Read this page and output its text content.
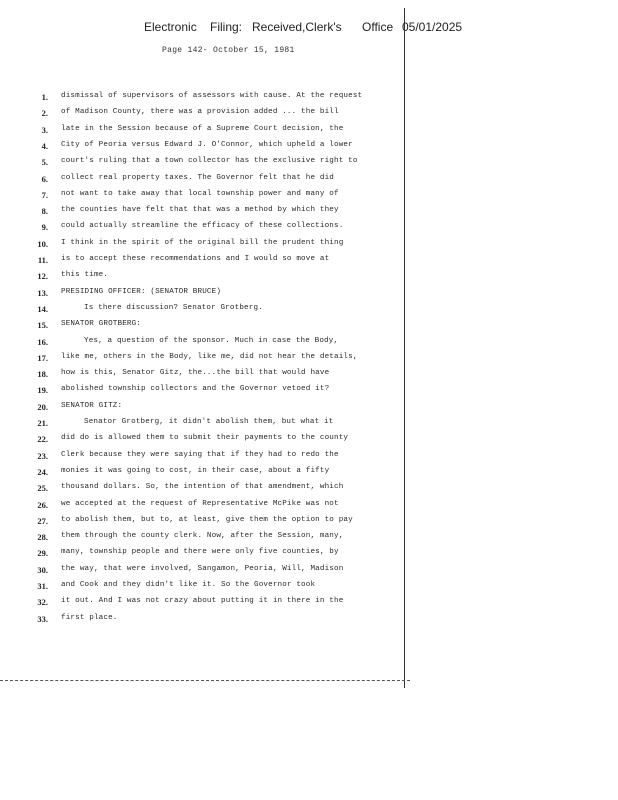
Electronic Filing: Received,Clerk's Office 05/01/2025
Page 142- October 15, 1981
1. dismissal of supervisors of assessors with cause. At the request
2. of Madison County, there was a provision added ... the bill
3. late in the Session because of a Supreme Court decision, the
4. City of Peoria versus Edward J. O'Connor, which upheld a lower
5. court's ruling that a town collector has the exclusive right to
6. collect real property taxes. The Governor felt that he did
7. not want to take away that local township power and many of
8. the counties have felt that that was a method by which they
9. could actually streamline the efficacy of these collections.
10. I think in the spirit of the original bill the prudent thing
11. is to accept these recommendations and I would so move at
12. this time.
13. PRESIDING OFFICER: (SENATOR BRUCE)
14.	Is there discussion? Senator Grotberg.
15. SENATOR GROTBERG:
16.	Yes, a question of the sponsor. Much in case the Body,
17. like me, others in the Body, like me, did not hear the details,
18. how is this, Senator Gitz, the...the bill that would have
19. abolished township collectors and the Governor vetoed it?
20. SENATOR GITZ:
21.	Senator Grotberg, it didn't abolish them, but what it
22. did do is allowed them to submit their payments to the county
23. Clerk because they were saying that if they had to redo the
24. monies it was going to cost, in their case, about a fifty
25. thousand dollars. So, the intention of that amendment, which
26. we accepted at the request of Representative McPike was not
27. to abolish them, but to, at least, give them the option to pay
28. them through the county clerk. Now, after the Session, many,
29. many, township people and there were only five counties, by
30. the way, that were involved, Sangamon, Peoria, Will, Madison
31. and Cook and they didn't like it. So the Governor took
32. it out. And I was not crazy about putting it in there in the
33. first place.
